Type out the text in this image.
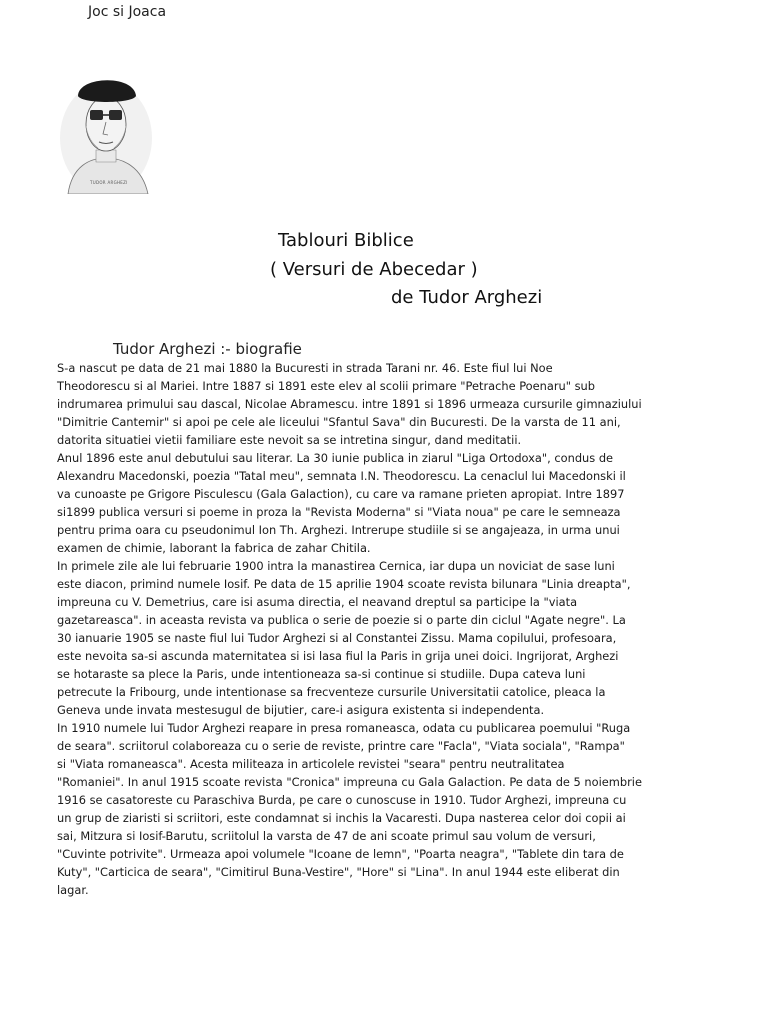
Joc si Joaca
TUDOR ARGHEZI
Tablouri Biblice
( Versuri de Abecedar )
de Tudor Arghezi
Tudor Arghezi :- biografie

S-a nascut pe data de 21 mai 1880 la Bucuresti in strada Tarani nr. 46. Este fiul lui Noe

Theodorescu si al Mariei. Intre 1887 si 1891 este elev al scolii primare "Petrache Poenaru" sub

indrumarea primului sau dascal, Nicolae Abramescu. intre 1891 si 1896 urmeaza cursurile gimnaziului

"Dimitrie Cantemir" si apoi pe cele ale liceului "Sfantul Sava" din Bucuresti. De la varsta de 11 ani,

datorita situatiei vietii familiare este nevoit sa se intretina singur, dand meditatii.

Anul 1896 este anul debutului sau literar. La 30 iunie publica in ziarul "Liga Ortodoxa", condus de

Alexandru Macedonski, poezia "Tatal meu", semnata I.N. Theodorescu. La cenaclul lui Macedonski il

va cunoaste pe Grigore Pisculescu (Gala Galaction), cu care va ramane prieten apropiat. Intre 1897

si1899 publica versuri si poeme in proza la "Revista Moderna" si "Viata noua" pe care le semneaza

pentru prima oara cu pseudonimul Ion Th. Arghezi. Intrerupe studiile si se angajeaza, in urma unui

examen de chimie, laborant la fabrica de zahar Chitila.

In primele zile ale lui februarie 1900 intra la manastirea Cernica, iar dupa un noviciat de sase luni

este diacon, primind numele Iosif. Pe data de 15 aprilie 1904 scoate revista bilunara "Linia dreapta",

impreuna cu V. Demetrius, care isi asuma directia, el neavand dreptul sa participe la "viata

gazetareasca". in aceasta revista va publica o serie de poezie si o parte din ciclul "Agate negre". La

30 ianuarie 1905 se naste fiul lui Tudor Arghezi si al Constantei Zissu. Mama copilului, profesoara,

este nevoita sa-si ascunda maternitatea si isi lasa fiul la Paris in grija unei doici. Ingrijorat, Arghezi

se hotaraste sa plece la Paris, unde intentioneaza sa-si continue si studiile. Dupa cateva luni

petrecute la Fribourg, unde intentionase sa frecventeze cursurile Universitatii catolice, pleaca la

Geneva unde invata mestesugul de bijutier, care-i asigura existenta si independenta.

In 1910 numele lui Tudor Arghezi reapare in presa romaneasca, odata cu publicarea poemului "Ruga

de seara". scriitorul colaboreaza cu o serie de reviste, printre care "Facla", "Viata sociala", "Rampa"

si "Viata romaneasca". Acesta militeaza in articolele revistei "seara" pentru neutralitatea

"Romaniei". In anul 1915 scoate revista "Cronica" impreuna cu Gala Galaction. Pe data de 5 noiembrie

1916 se casatoreste cu Paraschiva Burda, pe care o cunoscuse in 1910. Tudor Arghezi, impreuna cu

un grup de ziaristi si scriitori, este condamnat si inchis la Vacaresti. Dupa nasterea celor doi copii ai

sai, Mitzura si Iosif-Barutu, scriitolul la varsta de 47 de ani scoate primul sau volum de versuri,

"Cuvinte potrivite". Urmeaza apoi volumele "Icoane de lemn", "Poarta neagra", "Tablete din tara de

Kuty", "Carticica de seara", "Cimitirul Buna-Vestire", "Hore" si "Lina". In anul 1944 este eliberat din

lagar.
